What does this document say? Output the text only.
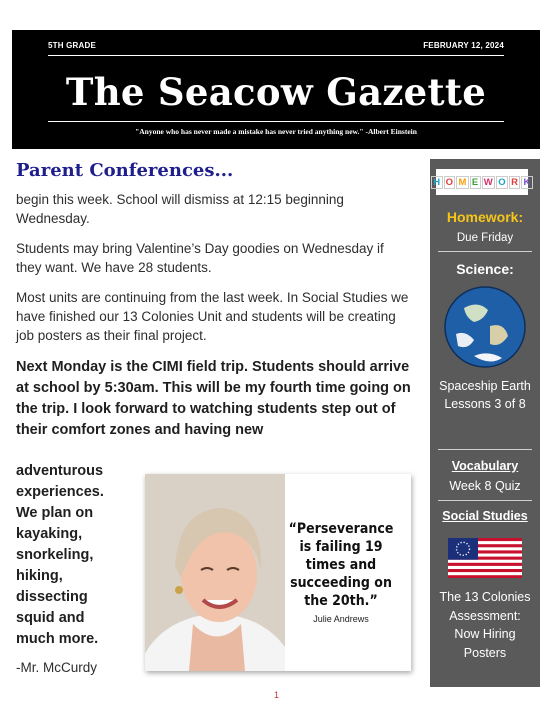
5TH GRADE	FEBRUARY 12, 2024
The Seacow Gazette
"Anyone who has never made a mistake has never tried anything new." -Albert Einstein
Parent Conferences...

begin this week. School will dismiss at 12:15 beginning Wednesday.

Students may bring Valentine’s Day goodies on Wednesday if they want. We have 28 students.

Most units are continuing from the last week. In Social Studies we have finished our 13 Colonies Unit and students will be creating job posters as their final project.

Next Monday is the CIMI field trip. Students should arrive at school by 5:30am. This will be my fourth time going on the trip. I look forward to watching students step out of their comfort zones and having new

adventurous experiences. We plan on kayaking, snorkeling, hiking, dissecting squid and much more.

-Mr. McCurdy

“Perseverance is failing 19 times and succeeding on the 20th.”
Julie Andrews
H O M E W O R K
Homework:
Due Friday
Science:
Spaceship Earth Lessons 3 of 8
Vocabulary
Week 8 Quiz
Social Studies
The 13 Colonies Assessment: Now Hiring Posters
1
